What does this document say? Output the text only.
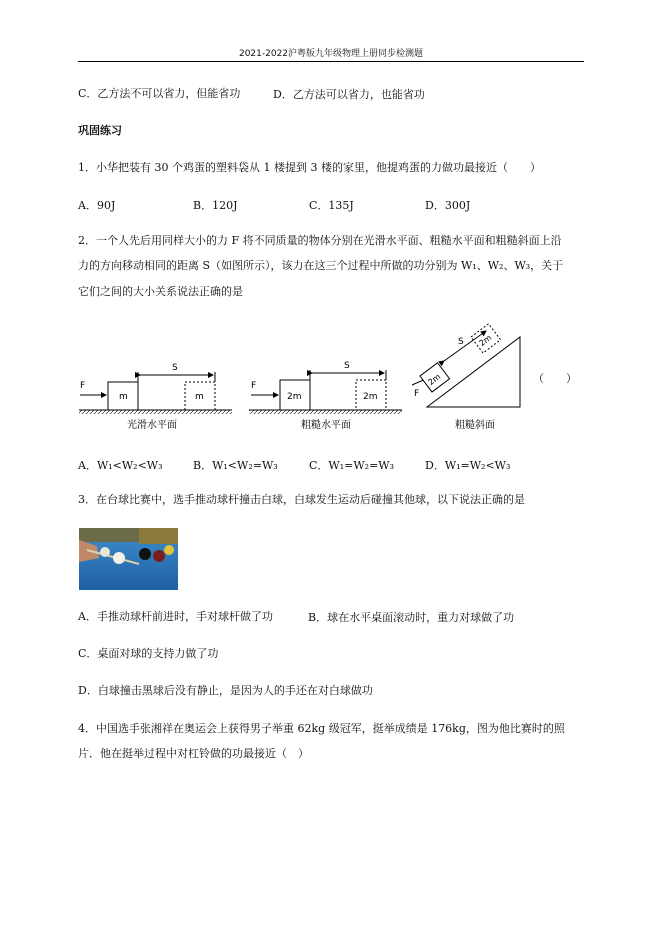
2021-2022沪粤版九年级物理上册同步检测题
C．乙方法不可以省力，但能省功	D．乙方法可以省力，也能省功
巩固练习
1．小华把装有 30 个鸡蛋的塑料袋从 1 楼提到 3 楼的家里，他提鸡蛋的力做功最接近（　　）
A．90J	B．120J	C．135J	D．300J
2．一个人先后用同样大小的力 F 将不同质量的物体分别在光滑水平面、粗糙水平面和粗糙斜面上沿
力的方向移动相同的距离 S（如图所示），该力在这三个过程中所做的功分别为 W₁、W₂、W₃，关于
它们之间的大小关系说法正确的是
F
m	m
S
光滑水平面
F
2m	2m
S
粗糙水平面
F
2m
2m
S
粗糙斜面
（　　）
A．W₁<W₂<W₃	B．W₁<W₂=W₃	C．W₁=W₂=W₃	D．W₁=W₂<W₃
3．在台球比赛中，选手推动球杆撞击白球，白球发生运动后碰撞其他球，以下说法正确的是
A．手推动球杆前进时，手对球杆做了功	B．球在水平桌面滚动时，重力对球做了功
C．桌面对球的支持力做了功
D．白球撞击黑球后没有静止，是因为人的手还在对白球做功
4．中国选手张湘祥在奥运会上获得男子举重 62kg 级冠军，挺举成绩是 176kg，图为他比赛时的照
片．他在挺举过程中对杠铃做的功最接近（　）
